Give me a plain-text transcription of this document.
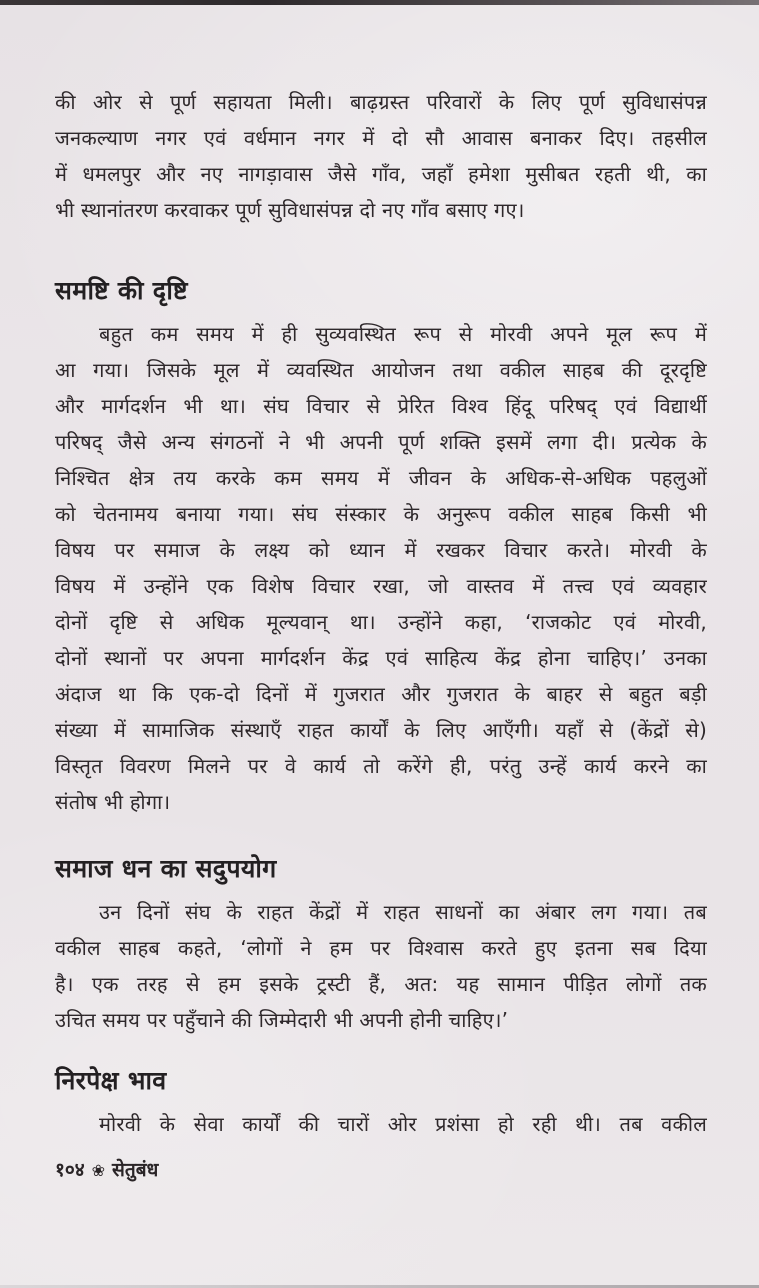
की ओर से पूर्ण सहायता मिली। बाढ़ग्रस्त परिवारों के लिए पूर्ण सुविधासंपन्न
जनकल्याण नगर एवं वर्धमान नगर में दो सौ आवास बनाकर दिए। तहसील
में धमलपुर और नए नागड़ावास जैसे गाँव, जहाँ हमेशा मुसीबत रहती थी, का
भी स्थानांतरण करवाकर पूर्ण सुविधासंपन्न दो नए गाँव बसाए गए।
समष्टि की दृष्टि
बहुत कम समय में ही सुव्यवस्थित रूप से मोरवी अपने मूल रूप में
आ गया। जिसके मूल में व्यवस्थित आयोजन तथा वकील साहब की दूरदृष्टि
और मार्गदर्शन भी था। संघ विचार से प्रेरित विश्व हिंदू परिषद् एवं विद्यार्थी
परिषद् जैसे अन्य संगठनों ने भी अपनी पूर्ण शक्ति इसमें लगा दी। प्रत्येक के
निश्चित क्षेत्र तय करके कम समय में जीवन के अधिक-से-अधिक पहलुओं
को चेतनामय बनाया गया। संघ संस्कार के अनुरूप वकील साहब किसी भी
विषय पर समाज के लक्ष्य को ध्यान में रखकर विचार करते। मोरवी के
विषय में उन्होंने एक विशेष विचार रखा, जो वास्तव में तत्त्व एवं व्यवहार
दोनों दृष्टि से अधिक मूल्यवान् था। उन्होंने कहा, ‘राजकोट एवं मोरवी,
दोनों स्थानों पर अपना मार्गदर्शन केंद्र एवं साहित्य केंद्र होना चाहिए।’ उनका
अंदाज था कि एक-दो दिनों में गुजरात और गुजरात के बाहर से बहुत बड़ी
संख्या में सामाजिक संस्थाएँ राहत कार्यों के लिए आएँगी। यहाँ से (केंद्रों से)
विस्तृत विवरण मिलने पर वे कार्य तो करेंगे ही, परंतु उन्हें कार्य करने का
संतोष भी होगा।
समाज धन का सदुपयोग
उन दिनों संघ के राहत केंद्रों में राहत साधनों का अंबार लग गया। तब
वकील साहब कहते, ‘लोगों ने हम पर विश्वास करते हुए इतना सब दिया
है। एक तरह से हम इसके ट्रस्टी हैं, अत: यह सामान पीड़ित लोगों तक
उचित समय पर पहुँचाने की जिम्मेदारी भी अपनी होनी चाहिए।’
निरपेक्ष भाव
मोरवी के सेवा कार्यों की चारों ओर प्रशंसा हो रही थी। तब वकील
१०४ ❀ सेतुबंध
